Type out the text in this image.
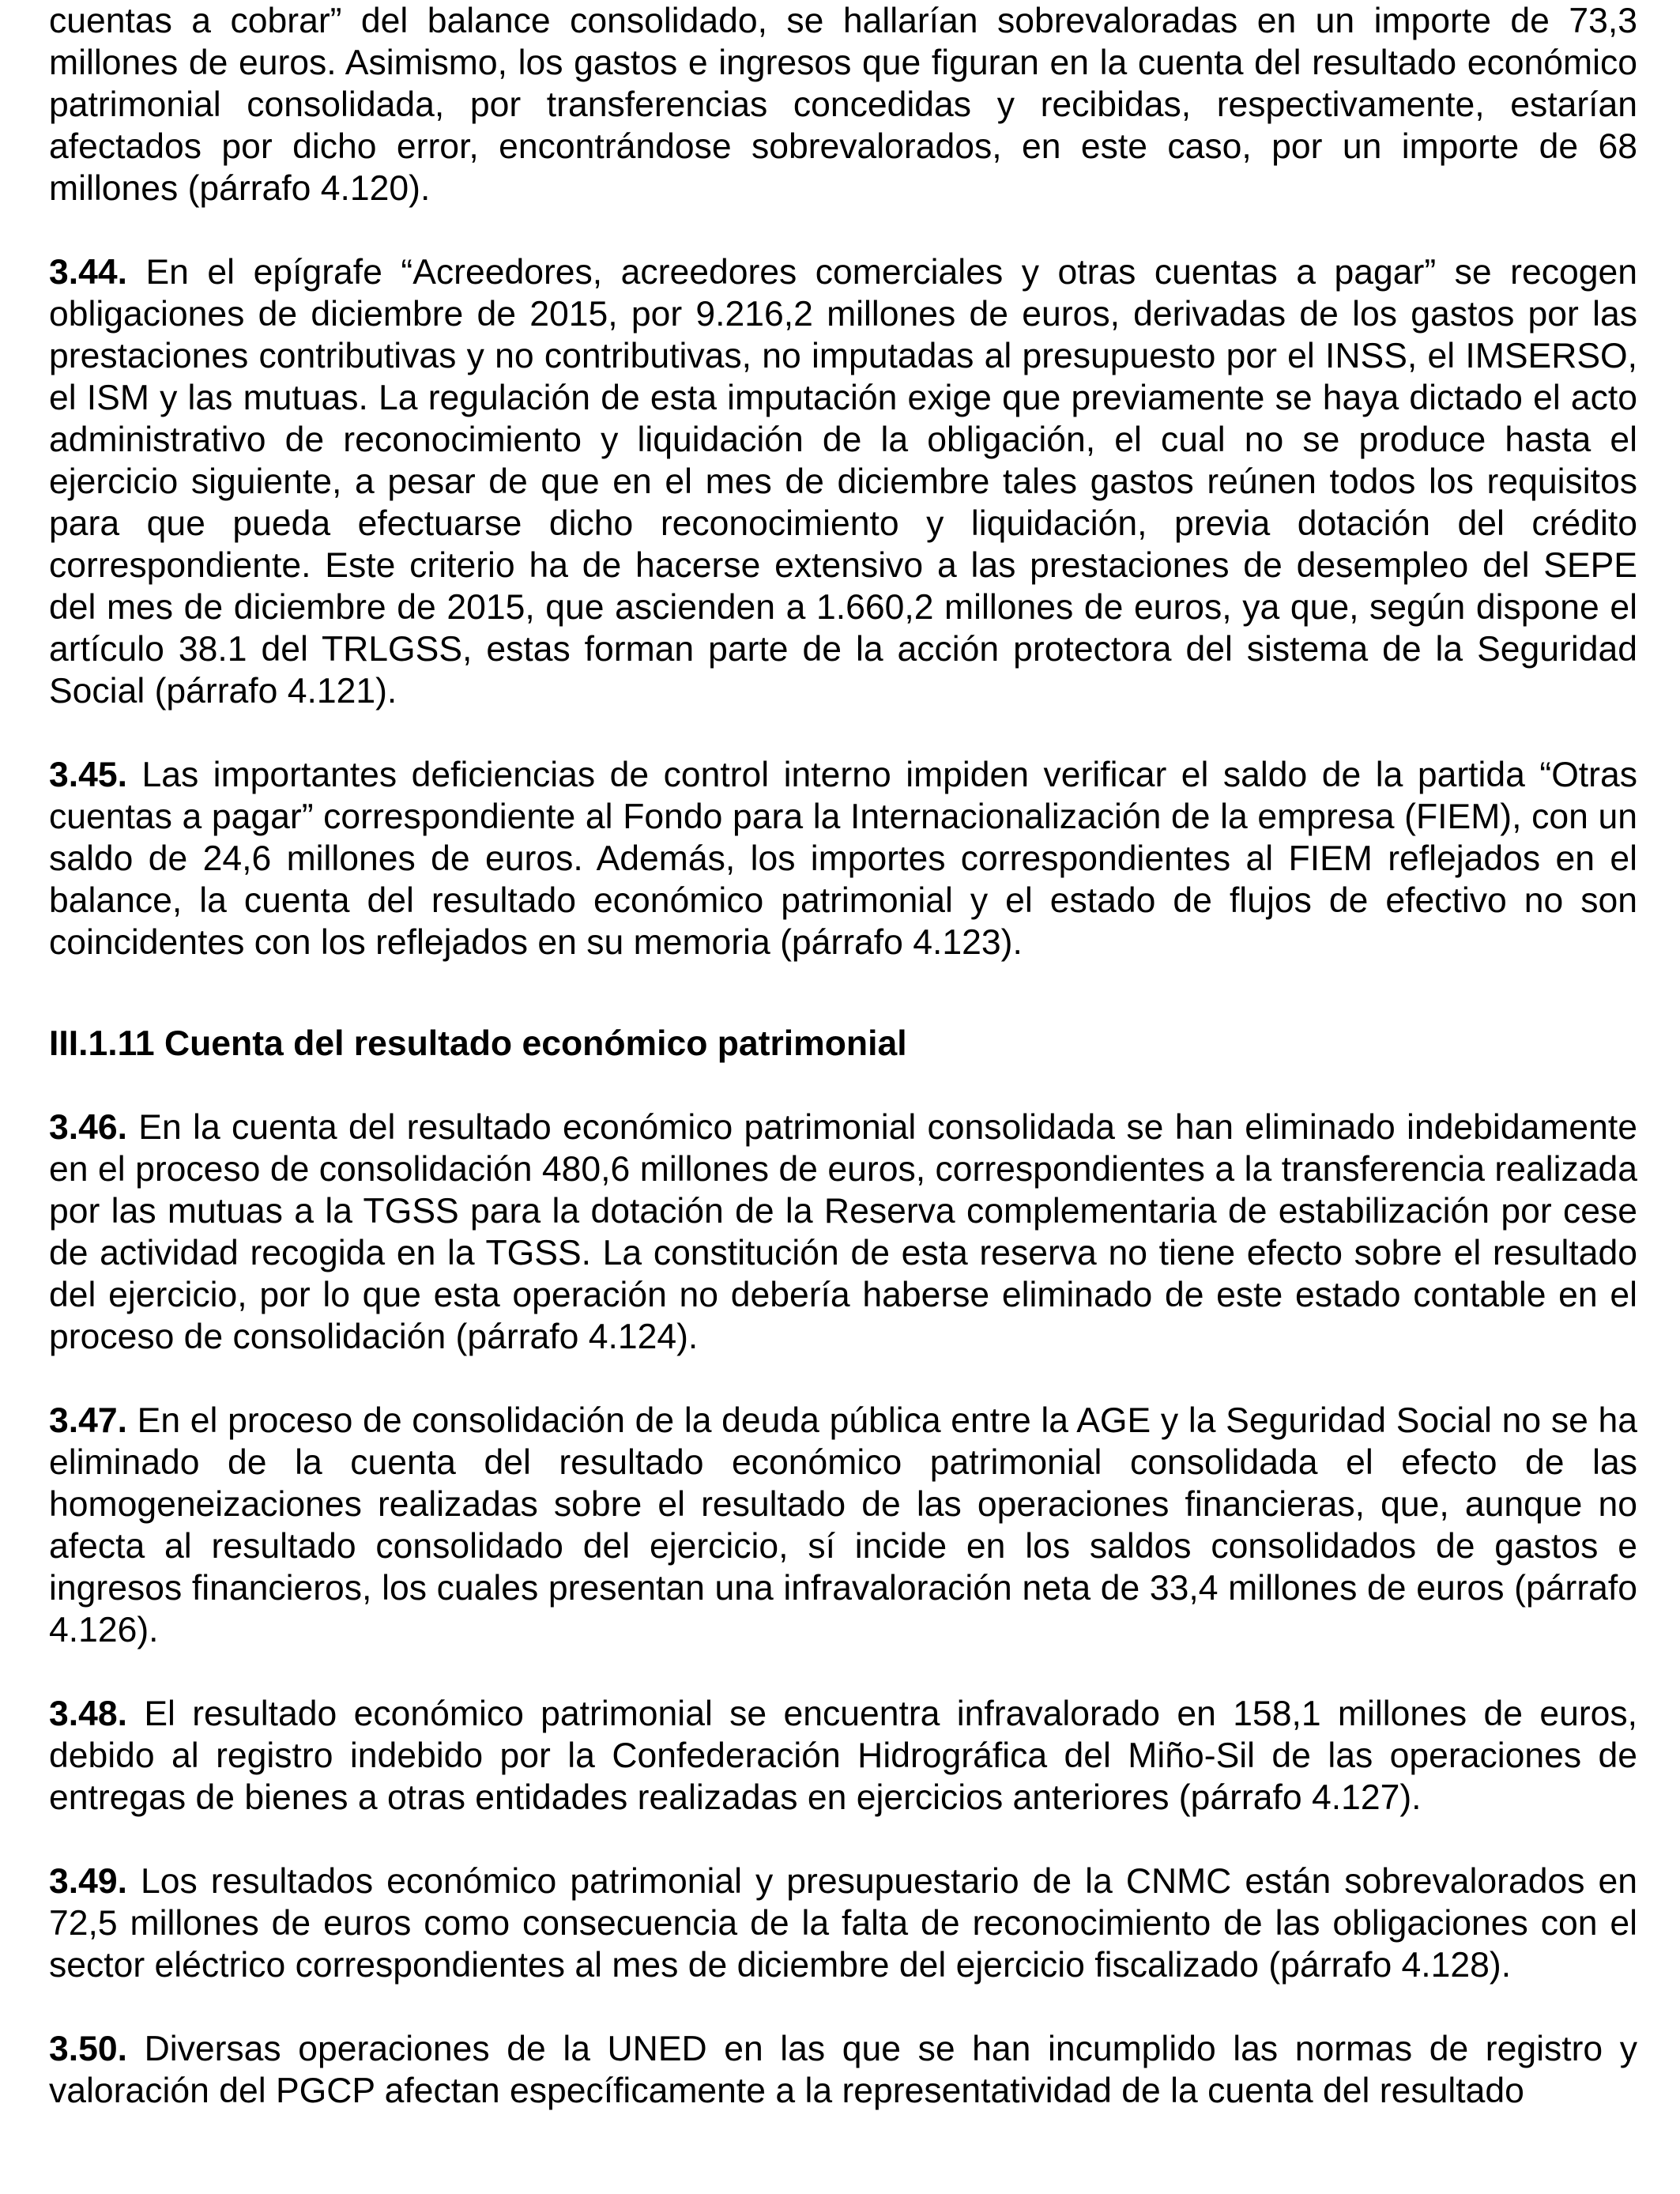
cuentas a cobrar” del balance consolidado, se hallarían sobrevaloradas en un importe de 73,3 millones de euros. Asimismo, los gastos e ingresos que figuran en la cuenta del resultado económico patrimonial consolidada, por transferencias concedidas y recibidas, respectivamente, estarían afectados por dicho error, encontrándose sobrevalorados, en este caso, por un importe de 68 millones (párrafo 4.120).

3.44. En el epígrafe “Acreedores, acreedores comerciales y otras cuentas a pagar” se recogen obligaciones de diciembre de 2015, por 9.216,2 millones de euros, derivadas de los gastos por las prestaciones contributivas y no contributivas, no imputadas al presupuesto por el INSS, el IMSERSO, el ISM y las mutuas. La regulación de esta imputación exige que previamente se haya dictado el acto administrativo de reconocimiento y liquidación de la obligación, el cual no se produce hasta el ejercicio siguiente, a pesar de que en el mes de diciembre tales gastos reúnen todos los requisitos para que pueda efectuarse dicho reconocimiento y liquidación, previa dotación del crédito correspondiente. Este criterio ha de hacerse extensivo a las prestaciones de desempleo del SEPE del mes de diciembre de 2015, que ascienden a 1.660,2 millones de euros, ya que, según dispone el artículo 38.1 del TRLGSS, estas forman parte de la acción protectora del sistema de la Seguridad Social (párrafo 4.121).

3.45. Las importantes deficiencias de control interno impiden verificar el saldo de la partida “Otras cuentas a pagar” correspondiente al Fondo para la Internacionalización de la empresa (FIEM), con un saldo de 24,6 millones de euros. Además, los importes correspondientes al FIEM reflejados en el balance, la cuenta del resultado económico patrimonial y el estado de flujos de efectivo no son coincidentes con los reflejados en su memoria (párrafo 4.123).

III.1.11 Cuenta del resultado económico patrimonial

3.46. En la cuenta del resultado económico patrimonial consolidada se han eliminado indebidamente en el proceso de consolidación 480,6 millones de euros, correspondientes a la transferencia realizada por las mutuas a la TGSS para la dotación de la Reserva complementaria de estabilización por cese de actividad recogida en la TGSS. La constitución de esta reserva no tiene efecto sobre el resultado del ejercicio, por lo que esta operación no debería haberse eliminado de este estado contable en el proceso de consolidación (párrafo 4.124).

3.47. En el proceso de consolidación de la deuda pública entre la AGE y la Seguridad Social no se ha eliminado de la cuenta del resultado económico patrimonial consolidada el efecto de las homogeneizaciones realizadas sobre el resultado de las operaciones financieras, que, aunque no afecta al resultado consolidado del ejercicio, sí incide en los saldos consolidados de gastos e ingresos financieros, los cuales presentan una infravaloración neta de 33,4 millones de euros (párrafo 4.126).

3.48. El resultado económico patrimonial se encuentra infravalorado en 158,1 millones de euros, debido al registro indebido por la Confederación Hidrográfica del Miño-Sil de las operaciones de entregas de bienes a otras entidades realizadas en ejercicios anteriores (párrafo 4.127).

3.49. Los resultados económico patrimonial y presupuestario de la CNMC están sobrevalorados en 72,5 millones de euros como consecuencia de la falta de reconocimiento de las obligaciones con el sector eléctrico correspondientes al mes de diciembre del ejercicio fiscalizado (párrafo 4.128).

3.50. Diversas operaciones de la UNED en las que se han incumplido las normas de registro y valoración del PGCP afectan específicamente a la representatividad de la cuenta del resultado
